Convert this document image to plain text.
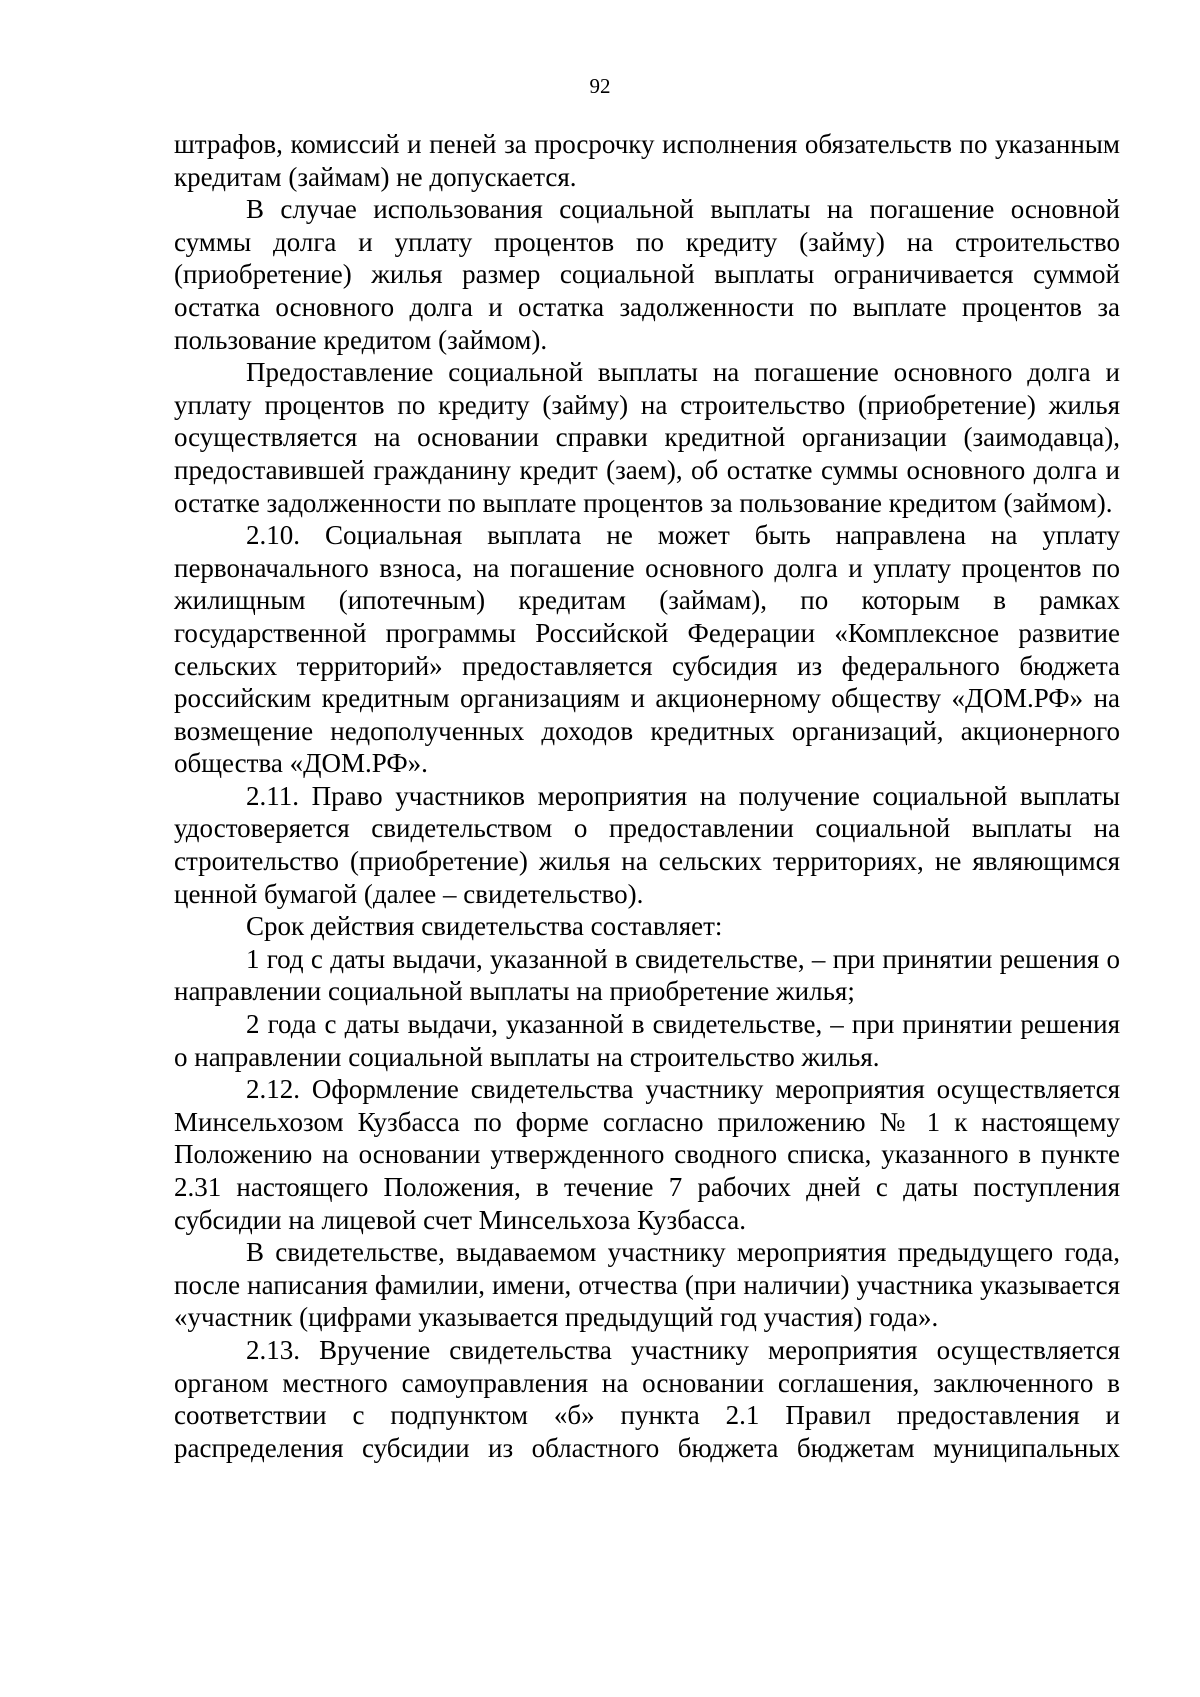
92

штрафов, комиссий и пеней за просрочку исполнения обязательств по указанным кредитам (займам) не допускается.

В случае использования социальной выплаты на погашение основной суммы долга и уплату процентов по кредиту (займу) на строительство (приобретение) жилья размер социальной выплаты ограничивается суммой остатка основного долга и остатка задолженности по выплате процентов за пользование кредитом (займом).

Предоставление социальной выплаты на погашение основного долга и уплату процентов по кредиту (займу) на строительство (приобретение) жилья осуществляется на основании справки кредитной организации (заимодавца), предоставившей гражданину кредит (заем), об остатке суммы основного долга и остатке задолженности по выплате процентов за пользование кредитом (займом).

2.10. Социальная выплата не может быть направлена на уплату первоначального взноса, на погашение основного долга и уплату процентов по жилищным (ипотечным) кредитам (займам), по которым в рамках государственной программы Российской Федерации «Комплексное развитие сельских территорий» предоставляется субсидия из федерального бюджета российским кредитным организациям и акционерному обществу «ДОМ.РФ» на возмещение недополученных доходов кредитных организаций, акционерного общества «ДОМ.РФ».

2.11. Право участников мероприятия на получение социальной выплаты удостоверяется свидетельством о предоставлении социальной выплаты на строительство (приобретение) жилья на сельских территориях, не являющимся ценной бумагой (далее – свидетельство).

Срок действия свидетельства составляет:

1 год с даты выдачи, указанной в свидетельстве, – при принятии решения о направлении социальной выплаты на приобретение жилья;

2 года с даты выдачи, указанной в свидетельстве, – при принятии решения о направлении социальной выплаты на строительство жилья.

2.12. Оформление свидетельства участнику мероприятия осуществляется Минсельхозом Кузбасса по форме согласно приложению № 1 к настоящему Положению на основании утвержденного сводного списка, указанного в пункте 2.31 настоящего Положения, в течение 7 рабочих дней с даты поступления субсидии на лицевой счет Минсельхоза Кузбасса.

В свидетельстве, выдаваемом участнику мероприятия предыдущего года, после написания фамилии, имени, отчества (при наличии) участника указывается «участник (цифрами указывается предыдущий год участия) года».

2.13. Вручение свидетельства участнику мероприятия осуществляется органом местного самоуправления на основании соглашения, заключенного в соответствии с подпунктом «б» пункта 2.1 Правил предоставления и распределения субсидии из областного бюджета бюджетам муниципальных
